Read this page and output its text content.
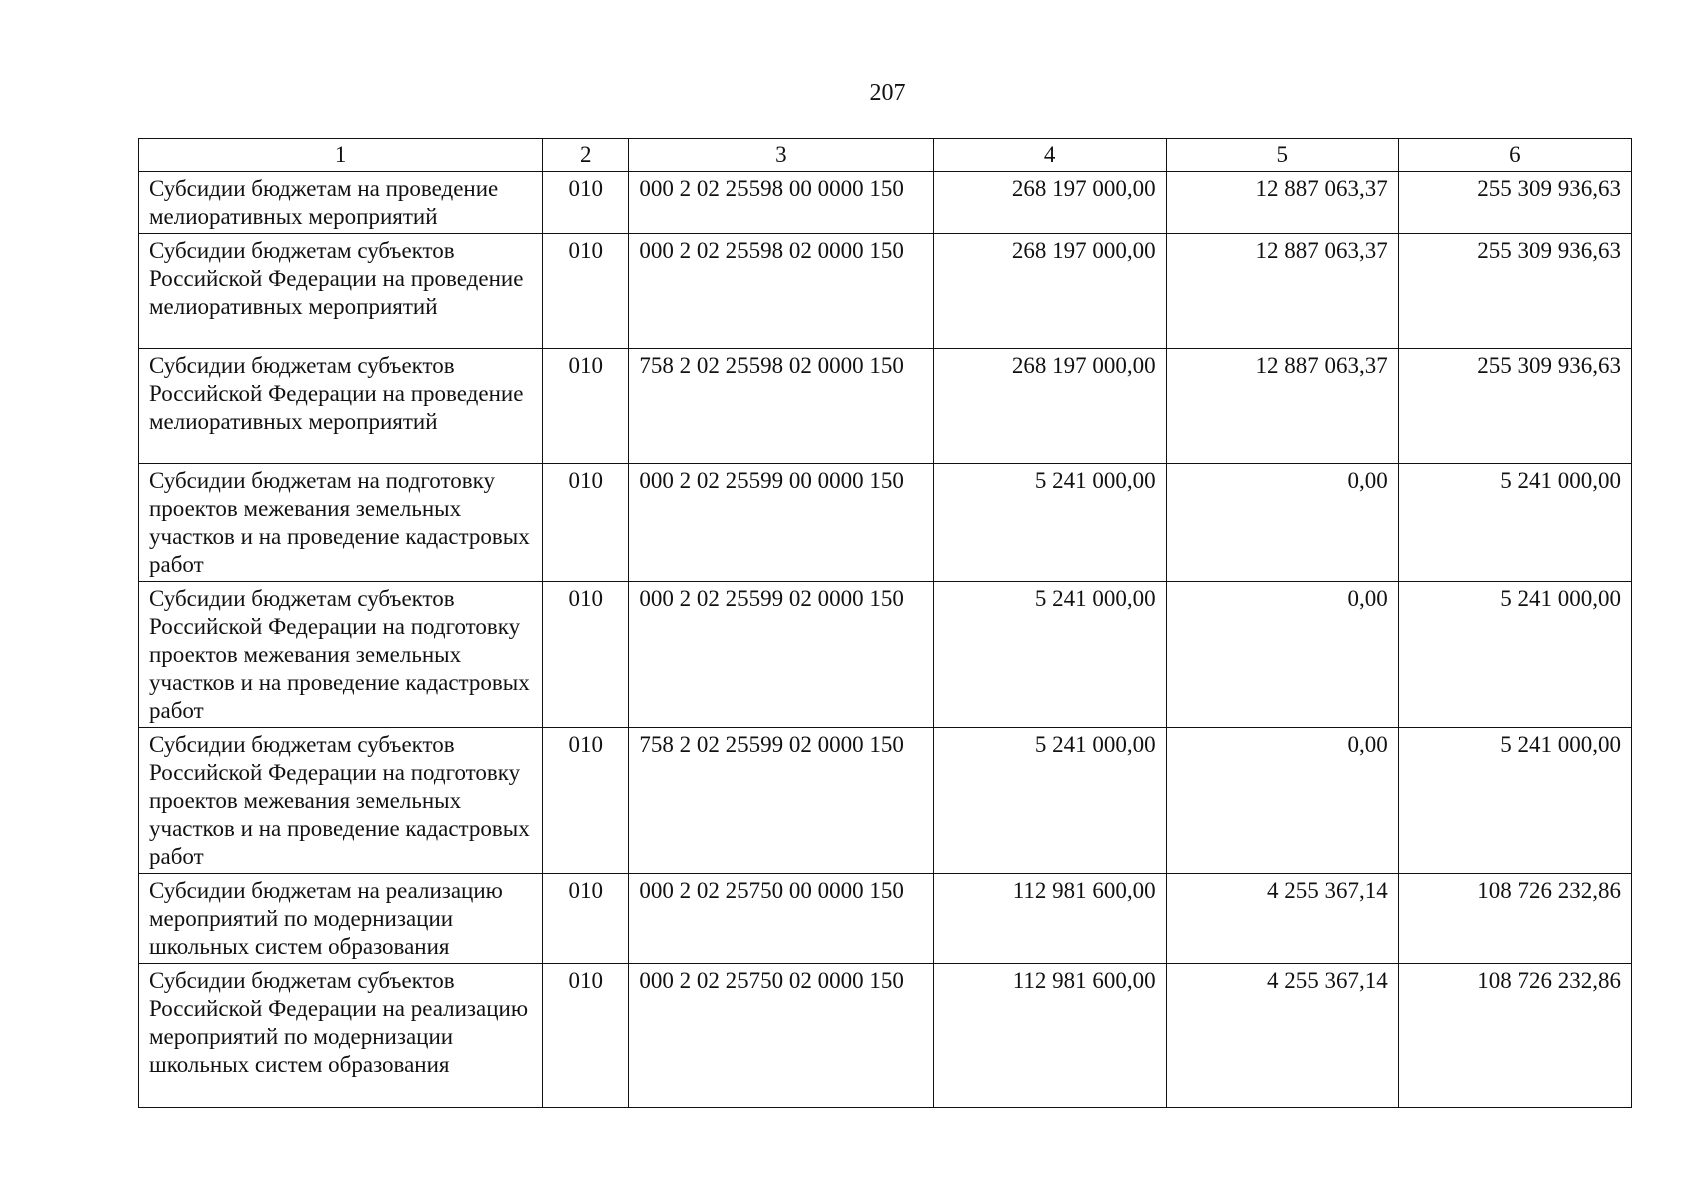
207
1	2	3	4	5	6
Субсидии бюджетам на проведение мелиоративных мероприятий	010	000 2 02 25598 00 0000 150	268 197 000,00	12 887 063,37	255 309 936,63
Субсидии бюджетам субъектов Российской Федерации на проведение мелиоративных мероприятий	010	000 2 02 25598 02 0000 150	268 197 000,00	12 887 063,37	255 309 936,63
Субсидии бюджетам субъектов Российской Федерации на проведение мелиоративных мероприятий	010	758 2 02 25598 02 0000 150	268 197 000,00	12 887 063,37	255 309 936,63
Субсидии бюджетам на подготовку проектов межевания земельных участков и на проведение кадастровых работ	010	000 2 02 25599 00 0000 150	5 241 000,00	0,00	5 241 000,00
Субсидии бюджетам субъектов Российской Федерации на подготовку проектов межевания земельных участков и на проведение кадастровых работ	010	000 2 02 25599 02 0000 150	5 241 000,00	0,00	5 241 000,00
Субсидии бюджетам субъектов Российской Федерации на подготовку проектов межевания земельных участков и на проведение кадастровых работ	010	758 2 02 25599 02 0000 150	5 241 000,00	0,00	5 241 000,00
Субсидии бюджетам на реализацию мероприятий по модернизации школьных систем образования	010	000 2 02 25750 00 0000 150	112 981 600,00	4 255 367,14	108 726 232,86
Субсидии бюджетам субъектов Российской Федерации на реализацию мероприятий по модернизации школьных систем образования	010	000 2 02 25750 02 0000 150	112 981 600,00	4 255 367,14	108 726 232,86
